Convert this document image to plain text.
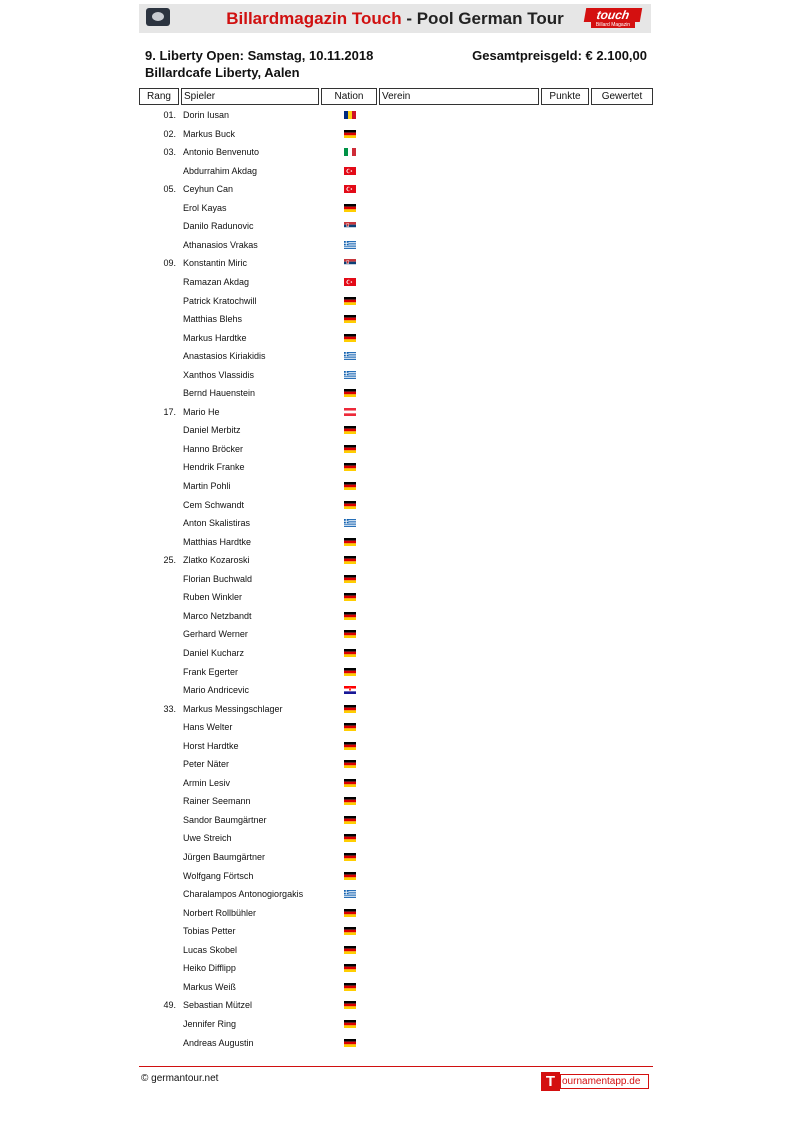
Billardmagazin Touch - Pool German Tour	touch
Billard Magazin
9. Liberty Open: Samstag, 10.11.2018
Billardcafe Liberty, Aalen
Gesamtpreisgeld: € 2.100,00
Rang	Spieler	Nation	Verein	Punkte	Gewertet
01. Dorin Iusan
02. Markus Buck
03. Antonio Benvenuto
Abdurrahim Akdag
05. Ceyhun Can
Erol Kayas
Danilo Radunovic
Athanasios Vrakas
09. Konstantin Miric
Ramazan Akdag
Patrick Kratochwill
Matthias Blehs
Markus Hardtke
Anastasios Kiriakidis
Xanthos Vlassidis
Bernd Hauenstein
17. Mario He
Daniel Merbitz
Hanno Bröcker
Hendrik Franke
Martin Pohli
Cem Schwandt
Anton Skalistiras
Matthias Hardtke
25. Zlatko Kozaroski
Florian Buchwald
Ruben Winkler
Marco Netzbandt
Gerhard Werner
Daniel Kucharz
Frank Egerter
Mario Andricevic
33. Markus Messingschlager
Hans Welter
Horst Hardtke
Peter Näter
Armin Lesiv
Rainer Seemann
Sandor Baumgärtner
Uwe Streich
Jürgen Baumgärtner
Wolfgang Förtsch
Charalampos Antonogiorgakis
Norbert Rollbühler
Tobias Petter
Lucas Skobel
Heiko Difflipp
Markus Weiß
49. Sebastian Mützel
Jennifer Ring
Andreas Augustin
© germantour.net	T ournamentapp.de
